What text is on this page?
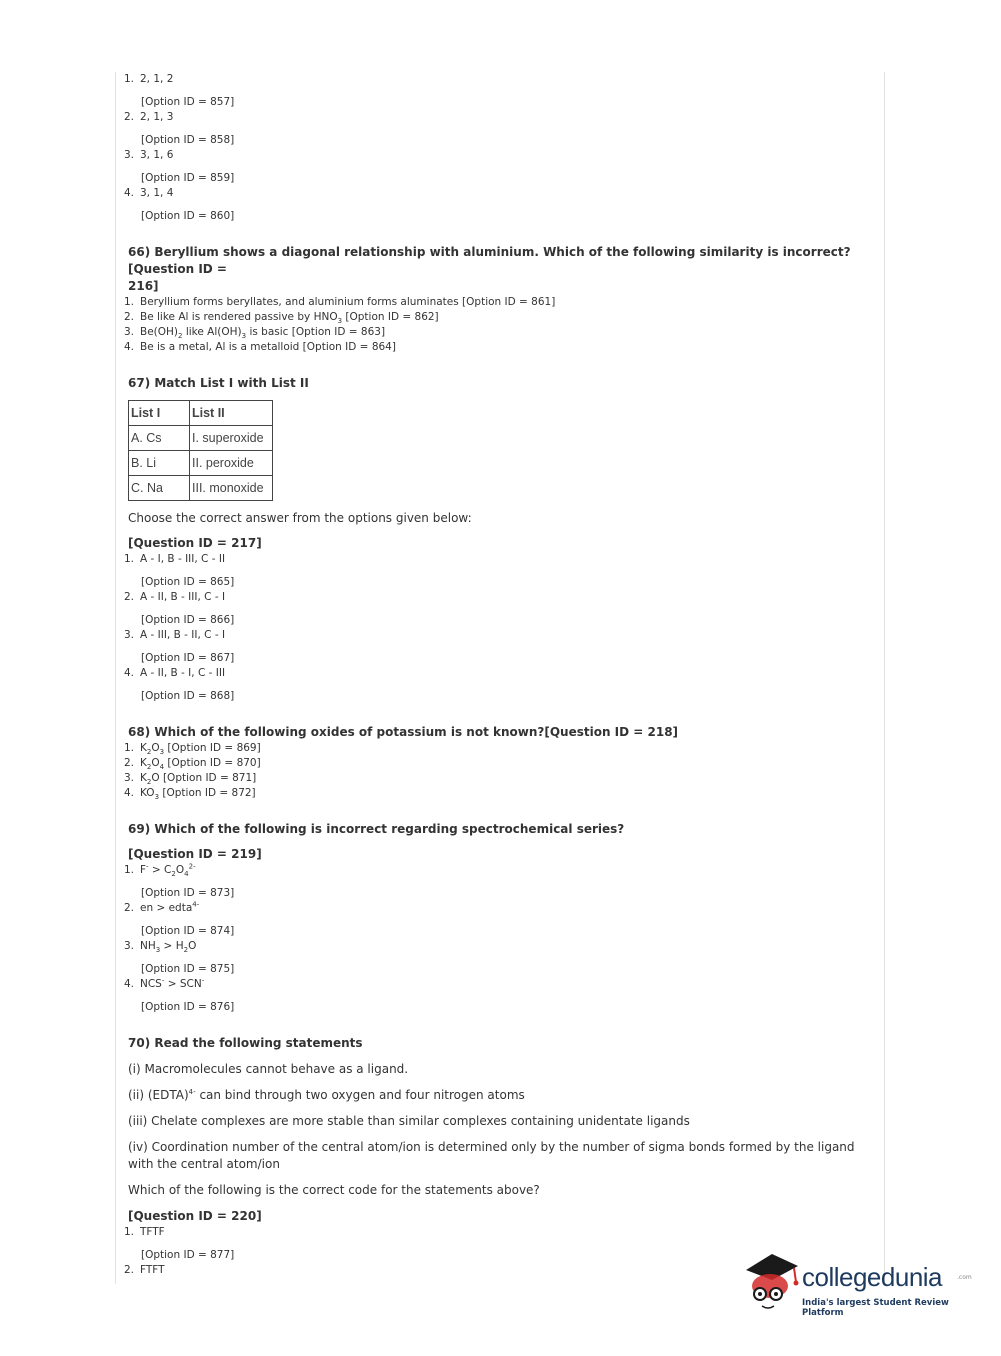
1. 2, 1, 2
[Option ID = 857]
2. 2, 1, 3
[Option ID = 858]
3. 3, 1, 6
[Option ID = 859]
4. 3, 1, 4
[Option ID = 860]
66) Beryllium shows a diagonal relationship with aluminium. Which of the following similarity is incorrect?[Question ID =
216]
1. Beryllium forms beryllates, and aluminium forms aluminates [Option ID = 861]
2. Be like Al is rendered passive by $HNO_3$ [Option ID = 862]
3. $Be(OH)_2$ like $Al(OH)_3$ is basic [Option ID = 863]
4. Be is a metal, Al is a metalloid [Option ID = 864]
67) Match List I with List II
List I	List II
A. Cs	I. superoxide
B. Li	II. peroxide
C. Na	III. monoxide
Choose the correct answer from the options given below:
[Question ID = 217]
1. A - I, B - III, C - II
[Option ID = 865]
2. A - II, B - III, C - I
[Option ID = 866]
3. A - III, B - II, C - I
[Option ID = 867]
4. A - II, B - I, C - III
[Option ID = 868]
68) Which of the following oxides of potassium is not known?[Question ID = 218]
1. $K_2O_3$ [Option ID = 869]
2. $K_2O_4$ [Option ID = 870]
3. $K_2O$ [Option ID = 871]
4. $KO_3$ [Option ID = 872]
69) Which of the following is incorrect regarding spectrochemical series?
[Question ID = 219]
1. $F^- > C_2O_4^{2-}$
[Option ID = 873]
2. en > edta$^{4-}$
[Option ID = 874]
3. $NH_3 > H_2O$
[Option ID = 875]
4. NCS- > SCN-
[Option ID = 876]
70) Read the following statements
(i) Macromolecules cannot behave as a ligand.
(ii) (EDTA)$^{4-}$ can bind through two oxygen and four nitrogen atoms
(iii) Chelate complexes are more stable than similar complexes containing unidentate ligands
(iv) Coordination number of the central atom/ion is determined only by the number of sigma bonds formed by the ligand
with the central atom/ion
Which of the following is the correct code for the statements above?
[Question ID = 220]
1. TFTF
[Option ID = 877]
2. FTFT	collegedunia .com
India's largest Student Review Platform
